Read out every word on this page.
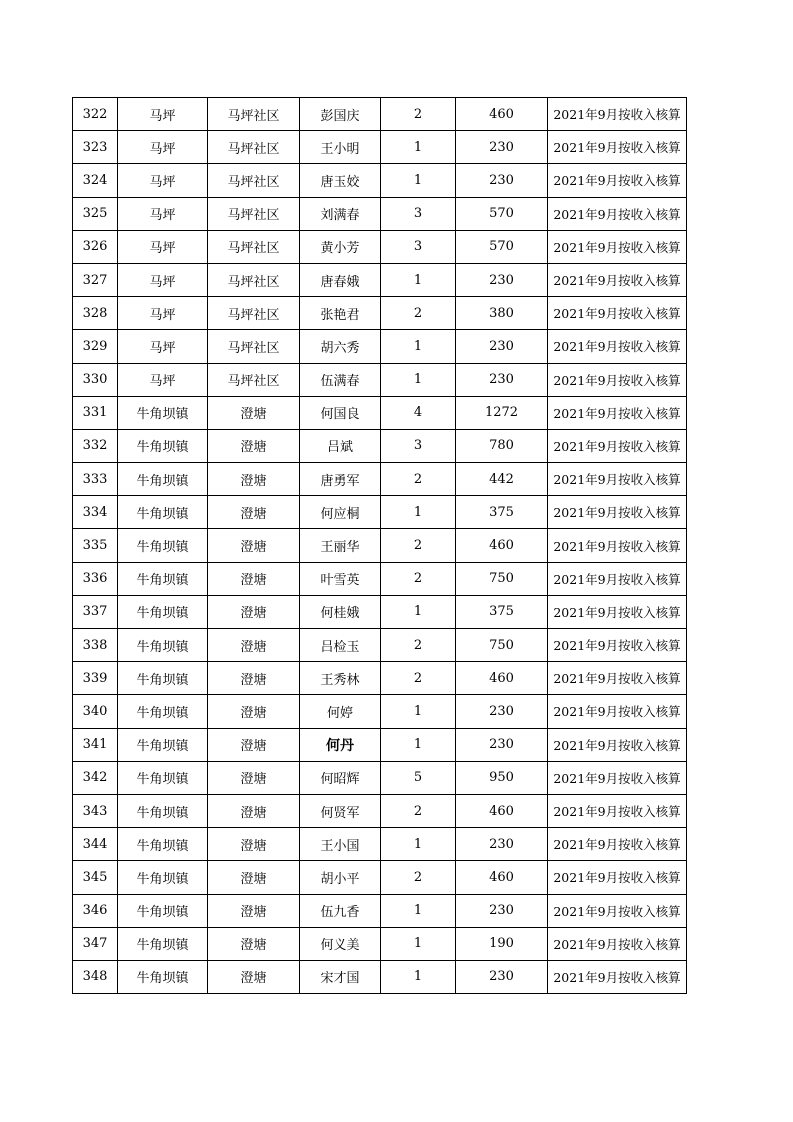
322	马坪	马坪社区	彭国庆	2	460	2021年9月按收入核算
323	马坪	马坪社区	王小明	1	230	2021年9月按收入核算
324	马坪	马坪社区	唐玉姣	1	230	2021年9月按收入核算
325	马坪	马坪社区	刘满春	3	570	2021年9月按收入核算
326	马坪	马坪社区	黄小芳	3	570	2021年9月按收入核算
327	马坪	马坪社区	唐春娥	1	230	2021年9月按收入核算
328	马坪	马坪社区	张艳君	2	380	2021年9月按收入核算
329	马坪	马坪社区	胡六秀	1	230	2021年9月按收入核算
330	马坪	马坪社区	伍满春	1	230	2021年9月按收入核算
331	牛角坝镇	澄塘	何国良	4	1272	2021年9月按收入核算
332	牛角坝镇	澄塘	吕斌	3	780	2021年9月按收入核算
333	牛角坝镇	澄塘	唐勇军	2	442	2021年9月按收入核算
334	牛角坝镇	澄塘	何应桐	1	375	2021年9月按收入核算
335	牛角坝镇	澄塘	王丽华	2	460	2021年9月按收入核算
336	牛角坝镇	澄塘	叶雪英	2	750	2021年9月按收入核算
337	牛角坝镇	澄塘	何桂娥	1	375	2021年9月按收入核算
338	牛角坝镇	澄塘	吕检玉	2	750	2021年9月按收入核算
339	牛角坝镇	澄塘	王秀林	2	460	2021年9月按收入核算
340	牛角坝镇	澄塘	何婷	1	230	2021年9月按收入核算
341	牛角坝镇	澄塘	何丹	1	230	2021年9月按收入核算
342	牛角坝镇	澄塘	何昭辉	5	950	2021年9月按收入核算
343	牛角坝镇	澄塘	何贤军	2	460	2021年9月按收入核算
344	牛角坝镇	澄塘	王小国	1	230	2021年9月按收入核算
345	牛角坝镇	澄塘	胡小平	2	460	2021年9月按收入核算
346	牛角坝镇	澄塘	伍九香	1	230	2021年9月按收入核算
347	牛角坝镇	澄塘	何义美	1	190	2021年9月按收入核算
348	牛角坝镇	澄塘	宋才国	1	230	2021年9月按收入核算
